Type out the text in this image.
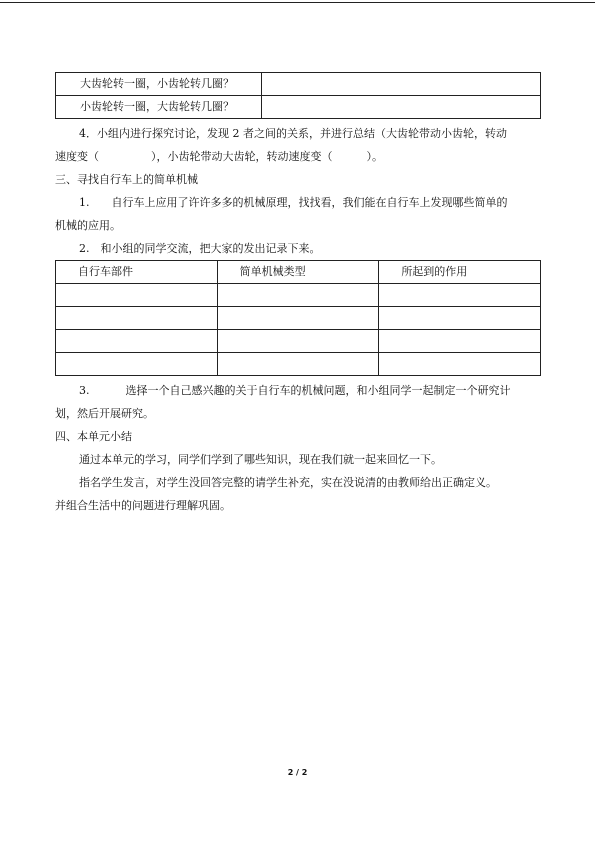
大齿轮转一圈，小齿轮转几圈？	
小齿轮转一圈，大齿轮转几圈？	

4．小组内进行探究讨论，发现 2 者之间的关系，并进行总结（大齿轮带动小齿轮，转动

速度变（	），小齿轮带动大齿轮，转动速度变（	）。

三、寻找自行车上的简单机械

1. 自行车上应用了许许多多的机械原理，找找看，我们能在自行车上发现哪些简单的

机械的应用。

2.　和小组的同学交流，把大家的发出记录下来。

自行车部件	简单机械类型	所起到的作用

3.	选择一个自己感兴趣的关于自行车的机械问题，和小组同学一起制定一个研究计

划，然后开展研究。

四、本单元小结

通过本单元的学习，同学们学到了哪些知识，现在我们就一起来回忆一下。

指名学生发言，对学生没回答完整的请学生补充，实在没说清的由教师给出正确定义。

并组合生活中的问题进行理解巩固。

2 / 2
